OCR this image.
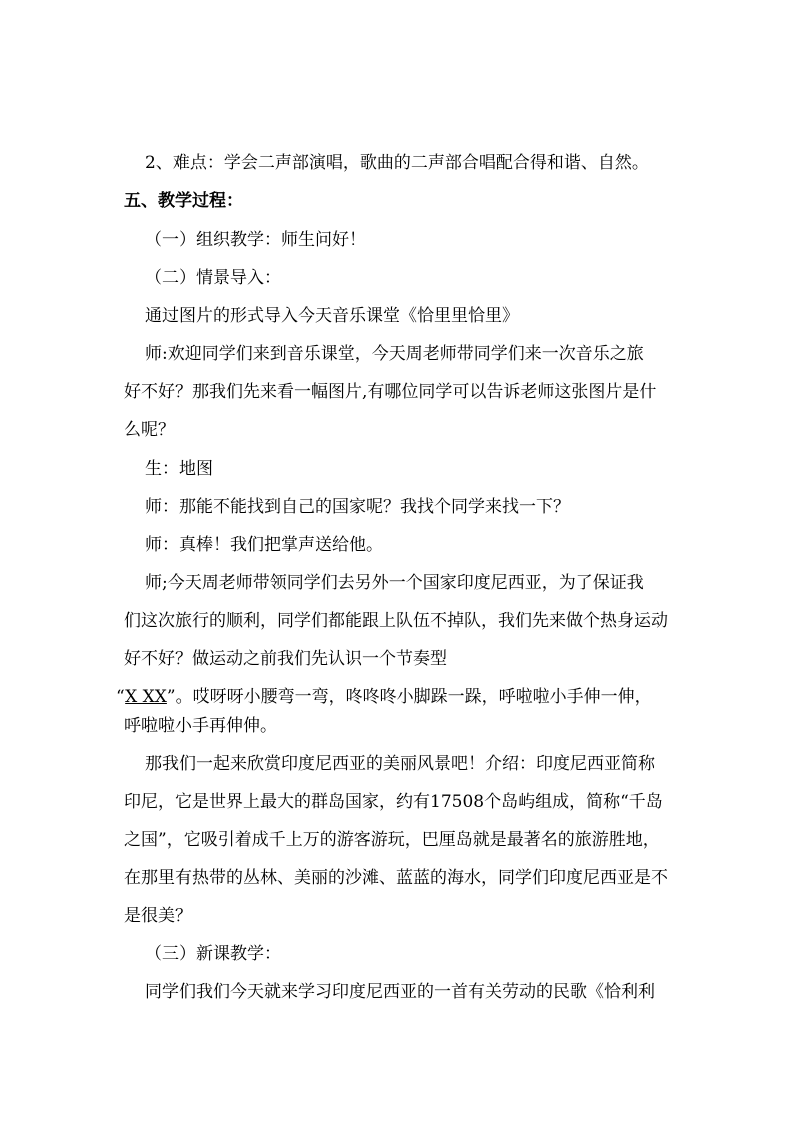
2、难点：学会二声部演唱，歌曲的二声部合唱配合得和谐、自然。
五、教学过程：
（一）组织教学：师生问好！
（二）情景导入：
通过图片的形式导入今天音乐课堂《恰里里恰里》
师:欢迎同学们来到音乐课堂，今天周老师带同学们来一次音乐之旅
好不好？那我们先来看一幅图片,有哪位同学可以告诉老师这张图片是什
么呢？
生：地图
师：那能不能找到自己的国家呢？我找个同学来找一下？
师：真棒！我们把掌声送给他。
师;今天周老师带领同学们去另外一个国家印度尼西亚，为了保证我
们这次旅行的顺利，同学们都能跟上队伍不掉队，我们先来做个热身运动
好不好？做运动之前我们先认识一个节奏型
“X XX”。哎呀呀小腰弯一弯，咚咚咚小脚跺一跺，呼啦啦小手伸一伸，
呼啦啦小手再伸伸。
那我们一起来欣赏印度尼西亚的美丽风景吧！介绍：印度尼西亚简称
印尼，它是世界上最大的群岛国家，约有17508个岛屿组成，简称“千岛
之国”，它吸引着成千上万的游客游玩，巴厘岛就是最著名的旅游胜地，
在那里有热带的丛林、美丽的沙滩、蓝蓝的海水，同学们印度尼西亚是不
是很美？
（三）新课教学：
同学们我们今天就来学习印度尼西亚的一首有关劳动的民歌《恰利利
